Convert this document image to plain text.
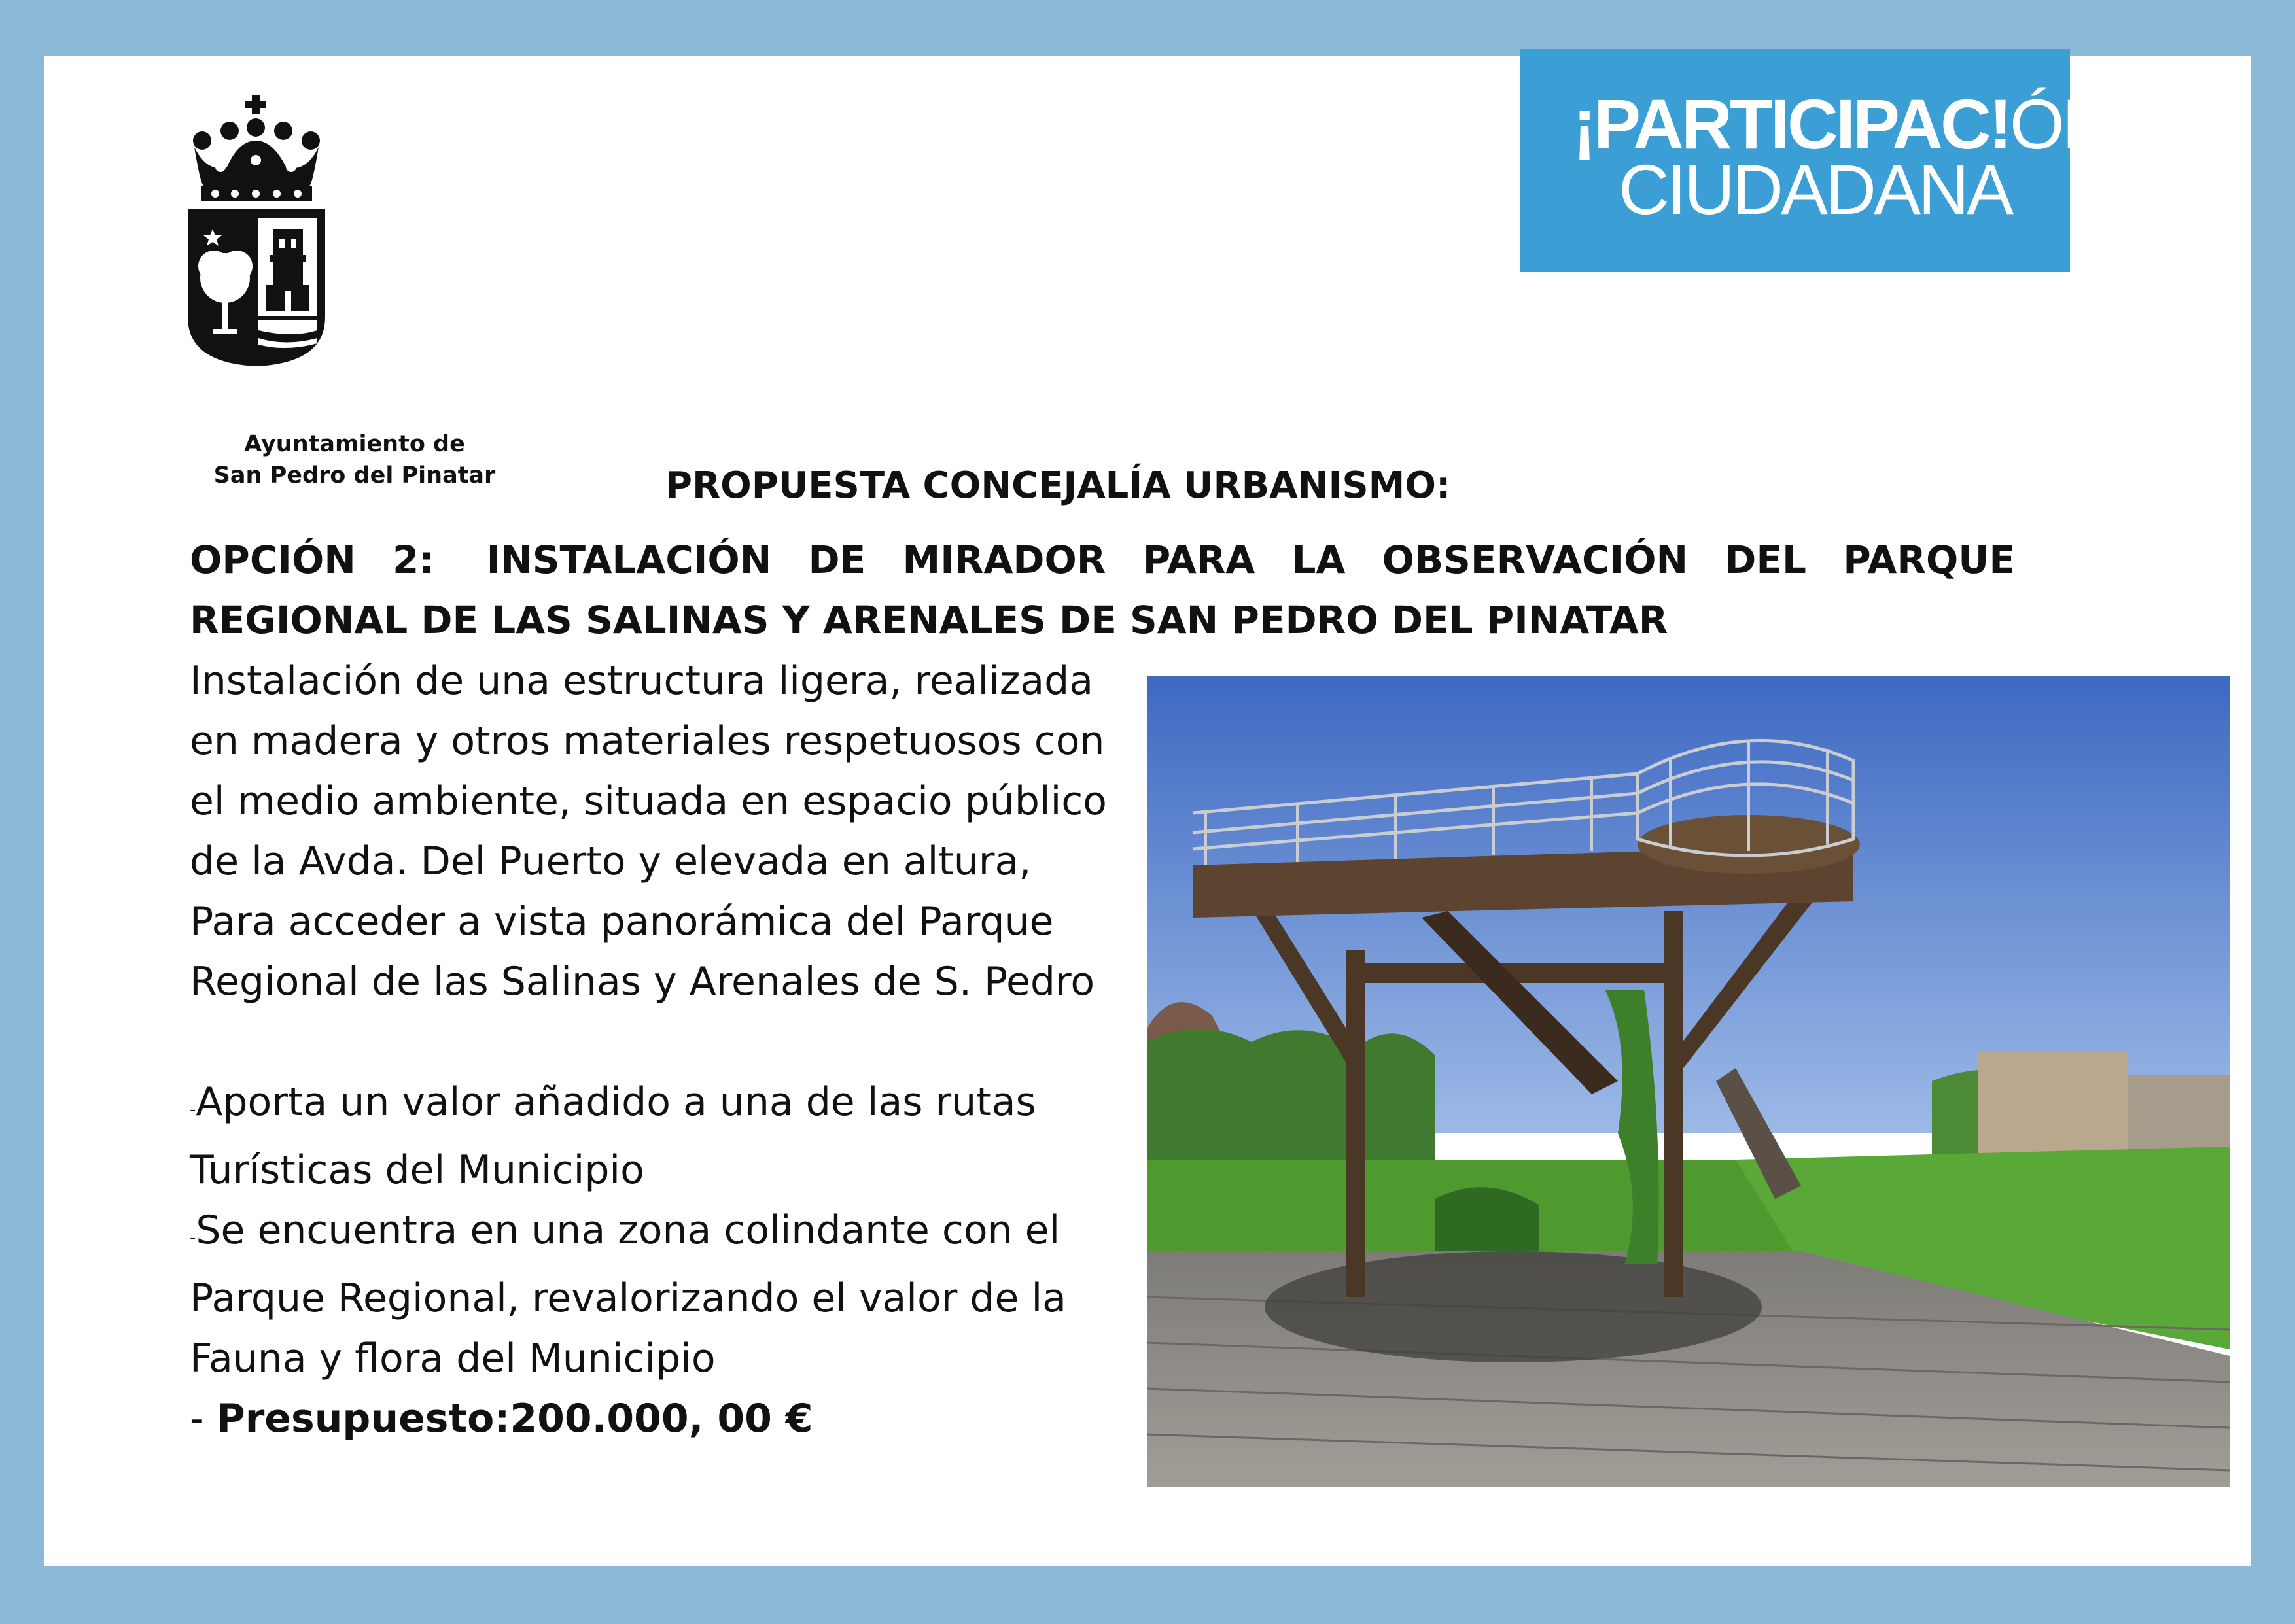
Ayuntamiento de
San Pedro del Pinatar
¡PARTICIPAC!ÓN
CIUDADANA
PROPUESTA CONCEJALÍA URBANISMO:
OPCIÓN 2: INSTALACIÓN DE MIRADOR PARA LA OBSERVACIÓN DEL PARQUE REGIONAL DE LAS SALINAS Y ARENALES DE SAN PEDRO DEL PINATAR

Instalación de una estructura ligera, realizada

en madera y otros materiales respetuosos con

el medio ambiente, situada en espacio público

de la Avda. Del Puerto y elevada en altura,

Para acceder a vista panorámica del Parque

Regional de las Salinas y Arenales de S. Pedro

-Aporta un valor añadido a una de las rutas

Turísticas del Municipio

-Se encuentra en una zona colindante con el

Parque Regional, revalorizando el valor de la

Fauna y flora del Municipio

- Presupuesto:200.000, 00 €
